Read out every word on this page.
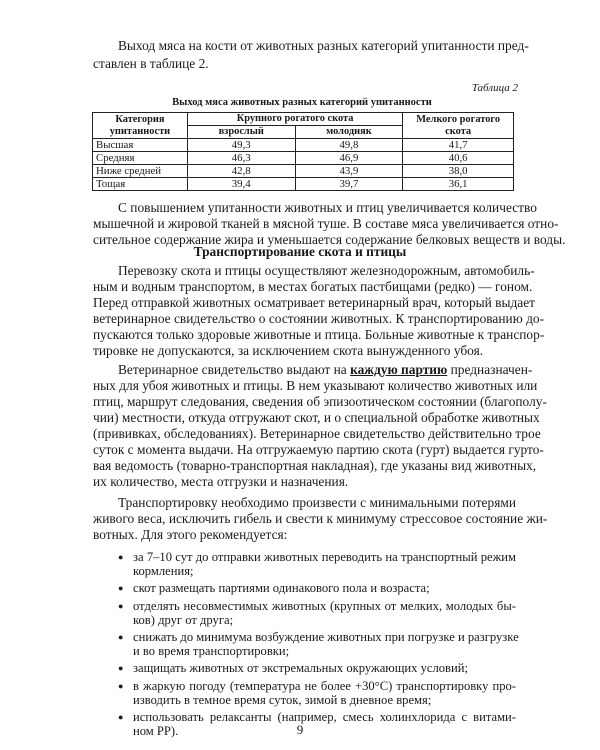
Выход мяса на кости от животных разных категорий упитанности пред-
ставлен в таблице 2.
Таблица 2
Выход мяса животных разных категорий упитанности
Категория упитанности	Крупного рогатого скота		Мелкого рогатого скота
	взрослый	молодняк	
Высшая	49,3	49,8	41,7
Средняя	46,3	46,9	40,6
Ниже средней	42,8	43,9	38,0
Тощая	39,4	39,7	36,1
С повышением упитанности животных и птиц увеличивается количество
мышечной и жировой тканей в мясной туше. В составе мяса увеличивается отно-
сительное содержание жира и уменьшается содержание белковых веществ и воды.
Транспортирование скота и птицы
Перевозку скота и птицы осуществляют железнодорожным, автомобиль-
ным и водным транспортом, в местах богатых пастбищами (редко) — гоном.
Перед отправкой животных осматривает ветеринарный врач, который выдает
ветеринарное свидетельство о состоянии животных. К транспортированию до-
пускаются только здоровые животные и птица. Больные животные к транспор-
тировке не допускаются, за исключением скота вынужденного убоя.
Ветеринарное свидетельство выдают на каждую партию предназначен-
ных для убоя животных и птицы. В нем указывают количество животных или
птиц, маршрут следования, сведения об эпизоотическом состоянии (благополу-
чии) местности, откуда отгружают скот, и о специальной обработке животных
(прививках, обследованиях). Ветеринарное свидетельство действительно трое
суток с момента выдачи. На отгружаемую партию скота (гурт) выдается гурто-
вая ведомость (товарно-транспортная накладная), где указаны вид животных,
их количество, места отгрузки и назначения.
Транспортировку необходимо произвести с минимальными потерями
живого веса, исключить гибель и свести к минимуму стрессовое состояние жи-
вотных. Для этого рекомендуется:
9
● за 7–10 сут до отправки животных переводить на транспортный режим
кормления;
● скот размещать партиями одинакового пола и возраста;
● отделять несовместимых животных (крупных от мелких, молодых бы-
ков) друг от друга;
● снижать до минимума возбуждение животных при погрузке и разгрузке
и во время транспортировки;
● защищать животных от экстремальных окружающих условий;
● в жаркую погоду (температура не более +30°С) транспортировку про-
изводить в темное время суток, зимой в дневное время;
● использовать релаксанты (например, смесь холинхлорида с витами-
ном PP).
